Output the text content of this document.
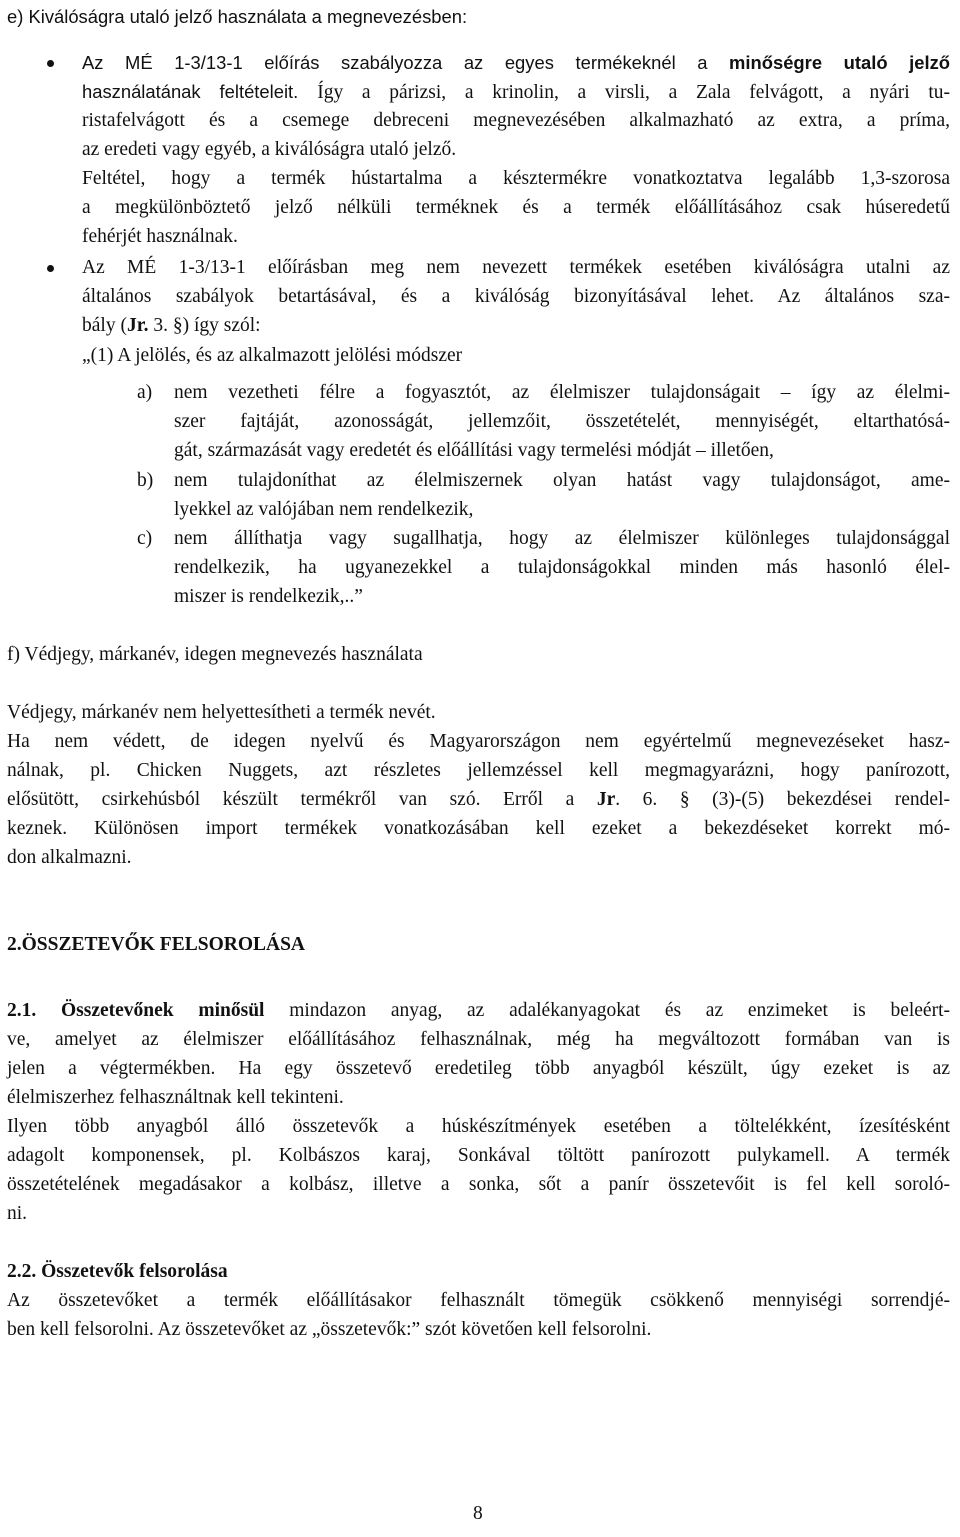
e) Kiválóságra utaló jelző használata a megnevezésben:
Az MÉ 1-3/13-1 előírás szabályozza az egyes termékeknél a minőségre utaló jelző
használatának feltételeit. Így a párizsi, a krinolin, a virsli, a Zala felvágott, a nyári tu-
ristafelvágott és a csemege debreceni megnevezésében alkalmazható az extra, a príma,
az eredeti vagy egyéb, a kiválóságra utaló jelző.
Feltétel, hogy a termék hústartalma a késztermékre vonatkoztatva legalább 1,3-szorosa
a megkülönböztető jelző nélküli terméknek és a termék előállításához csak húseredetű
fehérjét használnak.
Az MÉ 1-3/13-1 előírásban meg nem nevezett termékek esetében kiválóságra utalni az
általános szabályok betartásával, és a kiválóság bizonyításával lehet. Az általános sza-
bály (Jr. 3. §) így szól:
„(1) A jelölés, és az alkalmazott jelölési módszer
a) nem vezetheti félre a fogyasztót, az élelmiszer tulajdonságait – így az élelmi-
szer fajtáját, azonosságát, jellemzőit, összetételét, mennyiségét, eltarthatósá-
gát, származását vagy eredetét és előállítási vagy termelési módját – illetően,
b) nem tulajdoníthat az élelmiszernek olyan hatást vagy tulajdonságot, ame-
lyekkel az valójában nem rendelkezik,
c) nem állíthatja vagy sugallhatja, hogy az élelmiszer különleges tulajdonsággal
rendelkezik, ha ugyanezekkel a tulajdonságokkal minden más hasonló élel-
miszer is rendelkezik,..”
f) Védjegy, márkanév, idegen megnevezés használata
Védjegy, márkanév nem helyettesítheti a termék nevét.
Ha nem védett, de idegen nyelvű és Magyarországon nem egyértelmű megnevezéseket hasz-
nálnak, pl. Chicken Nuggets, azt részletes jellemzéssel kell megmagyarázni, hogy panírozott,
elősütött, csirkehúsból készült termékről van szó. Erről a Jr. 6. § (3)-(5) bekezdései rendel-
keznek. Különösen import termékek vonatkozásában kell ezeket a bekezdéseket korrekt mó-
don alkalmazni.
2.ÖSSZETEVŐK FELSOROLÁSA
2.1. Összetevőnek minősül mindazon anyag, az adalékanyagokat és az enzimeket is beleért-
ve, amelyet az élelmiszer előállításához felhasználnak, még ha megváltozott formában van is
jelen a végtermékben. Ha egy összetevő eredetileg több anyagból készült, úgy ezeket is az
élelmiszerhez felhasználtnak kell tekinteni.
Ilyen több anyagból álló összetevők a húskészítmények esetében a töltelékként, ízesítésként
adagolt komponensek, pl. Kolbászos karaj, Sonkával töltött panírozott pulykamell. A termék
összetételének megadásakor a kolbász, illetve a sonka, sőt a panír összetevőit is fel kell soroló-
ni.
2.2. Összetevők felsorolása
Az összetevőket a termék előállításakor felhasznált tömegük csökkenő mennyiségi sorrendjé-
ben kell felsorolni. Az összetevőket az „összetevők:” szót követően kell felsorolni.
8
